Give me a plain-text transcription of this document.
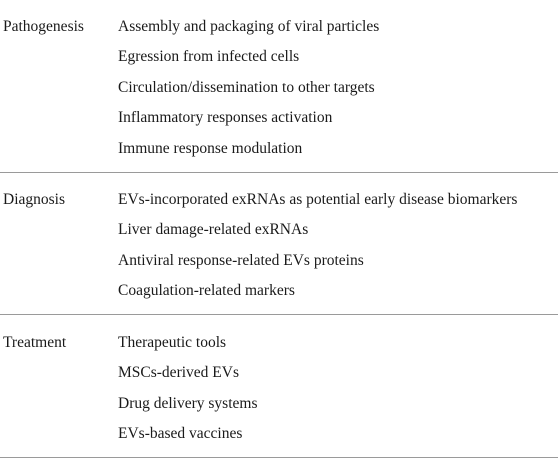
Pathogenesis Assembly and packaging of viral particles
Egression from infected cells
Circulation/dissemination to other targets
Inflammatory responses activation
Immune response modulation
Diagnosis	EVs-incorporated exRNAs as potential early disease biomarkers
Liver damage-related exRNAs
Antiviral response-related EVs proteins
Coagulation-related markers
Treatment	Therapeutic tools
MSCs-derived EVs
Drug delivery systems
EVs-based vaccines
